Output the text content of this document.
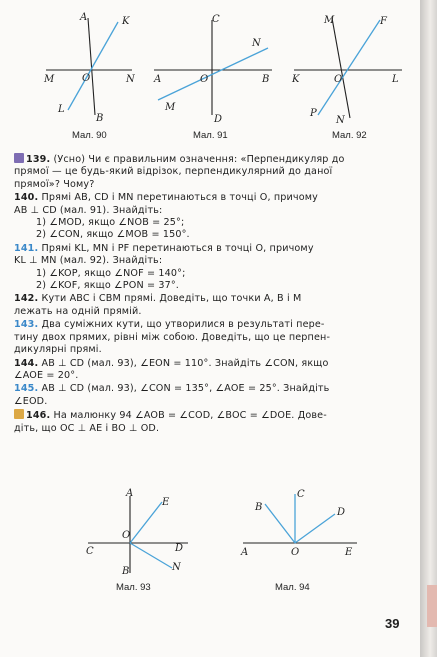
A	K
M	O	N
L
B
Мал. 90
C
N
A	O	B
M
D
Мал. 91
M	F
K	O	L
P
N
Мал. 92

139. (Усно) Чи є правильним означення: «Перпендикуляр до
прямої — це будь-який відрізок, перпендикулярний до даної
прямої»? Чому?

140. Прямі AB, CD і MN перетинаються в точці O, причому
AB ⊥ CD (мал. 91). Знайдіть:
1) ∠MOD, якщо ∠NOB = 25°;
2) ∠CON, якщо ∠MOB = 150°.

141. Прямі KL, MN і PF перетинаються в точці O, причому
KL ⊥ MN (мал. 92). Знайдіть:
1) ∠KOP, якщо ∠NOF = 140°;
2) ∠KOF, якщо ∠PON = 37°.

142. Кути ABC і CBM прямі. Доведіть, що точки A, B і M
лежать на одній прямій.

143. Два суміжних кути, що утворилися в результаті пере-
тину двох прямих, рівні між собою. Доведіть, що це перпен-
дикулярні прямі.

144. AB ⊥ CD (мал. 93), ∠EON = 110°. Знайдіть ∠CON, якщо
∠AOE = 20°.

145. AB ⊥ CD (мал. 93), ∠CON = 135°, ∠AOE = 25°. Знайдіть
∠EOD.

146. На малюнку 94 ∠AOB = ∠COD, ∠BOC = ∠DOE. Дове-
діть, що OC ⊥ AE і BO ⊥ OD.

A
E
O
C	D
B	N
Мал. 93
B
C
D
A	O	E
Мал. 94
39
